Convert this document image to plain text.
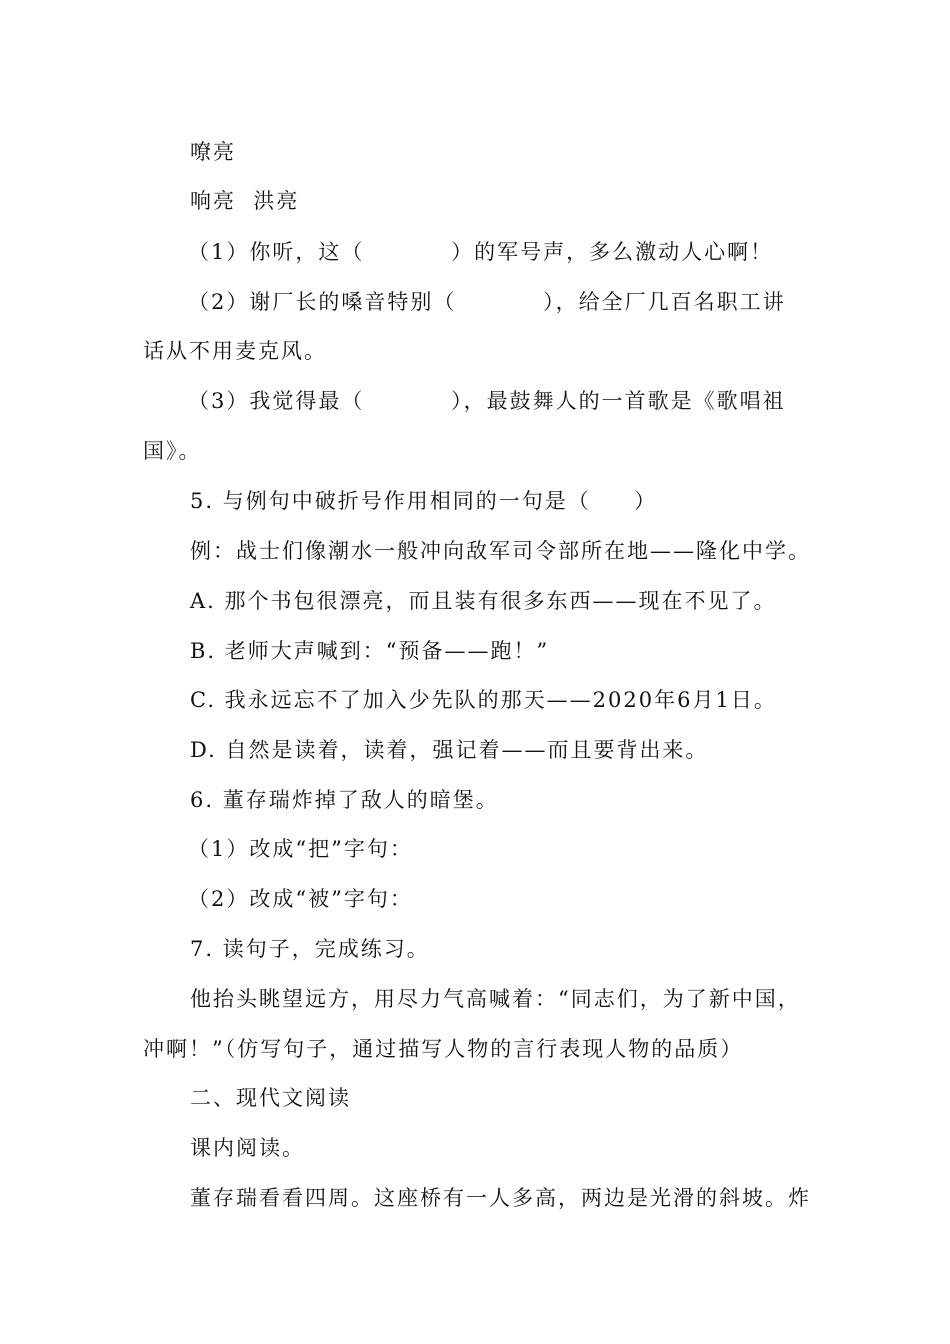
嘹亮
响亮  洪亮
（1）你听，这（          ）的军号声，多么激动人心啊！
（2）谢厂长的嗓音特别（          ），给全厂几百名职工讲
话从不用麦克风。
（3）我觉得最（          ），最鼓舞人的一首歌是《歌唱祖
国》。
5. 与例句中破折号作用相同的一句是（     ）
例：战士们像潮水一般冲向敌军司令部所在地——隆化中学。
A. 那个书包很漂亮，而且装有很多东西——现在不见了。
B. 老师大声喊到：“预备——跑！”
C. 我永远忘不了加入少先队的那天——2020年6月1日。
D. 自然是读着，读着，强记着——而且要背出来。
6. 董存瑞炸掉了敌人的暗堡。
（1）改成“把”字句：
（2）改成“被”字句：
7. 读句子，完成练习。
他抬头眺望远方，用尽力气高喊着：“同志们，为了新中国，
冲啊！”（仿写句子，通过描写人物的言行表现人物的品质）
二、现代文阅读
课内阅读。
董存瑞看看四周。这座桥有一人多高，两边是光滑的斜坡。炸
